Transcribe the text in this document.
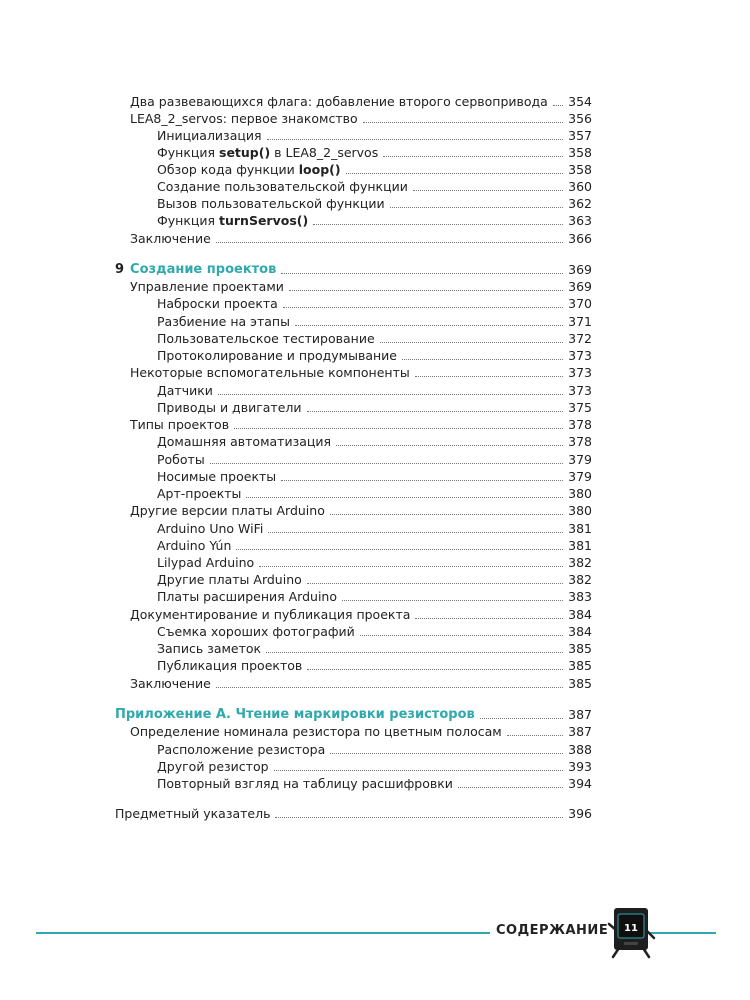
Два развевающихся флага: добавление второго сервопривода 354
LEA8_2_servos: первое знакомство	356
Инициализация	357
Функция setup() в LEA8_2_servos	358
Обзор кода функции loop()	358
Создание пользовательской функции	360
Вызов пользовательской функции	362
Функция turnServos()	363
Заключение	366
9 Создание проектов	369
Управление проектами	369
Наброски проекта	370
Разбиение на этапы	371
Пользовательское тестирование	372
Протоколирование и продумывание	373
Некоторые вспомогательные компоненты	373
Датчики	373
Приводы и двигатели	375
Типы проектов	378
Домашняя автоматизация	378
Роботы	379
Носимые проекты	379
Арт-проекты	380
Другие версии платы Arduino	380
Arduino Uno WiFi	381
Arduino Yún	381
Lilypad Arduino	382
Другие платы Arduino	382
Платы расширения Arduino	383
Документирование и публикация проекта	384
Съемка хороших фотографий	384
Запись заметок	385
Публикация проектов	385
Заключение	385
Приложение А. Чтение маркировки резисторов	387
Определение номинала резистора по цветным полосам	387
Расположение резистора	388
Другой резистор	393
Повторный взгляд на таблицу расшифровки	394
Предметный указатель	396
СОДЕРЖАНИЕ	11
